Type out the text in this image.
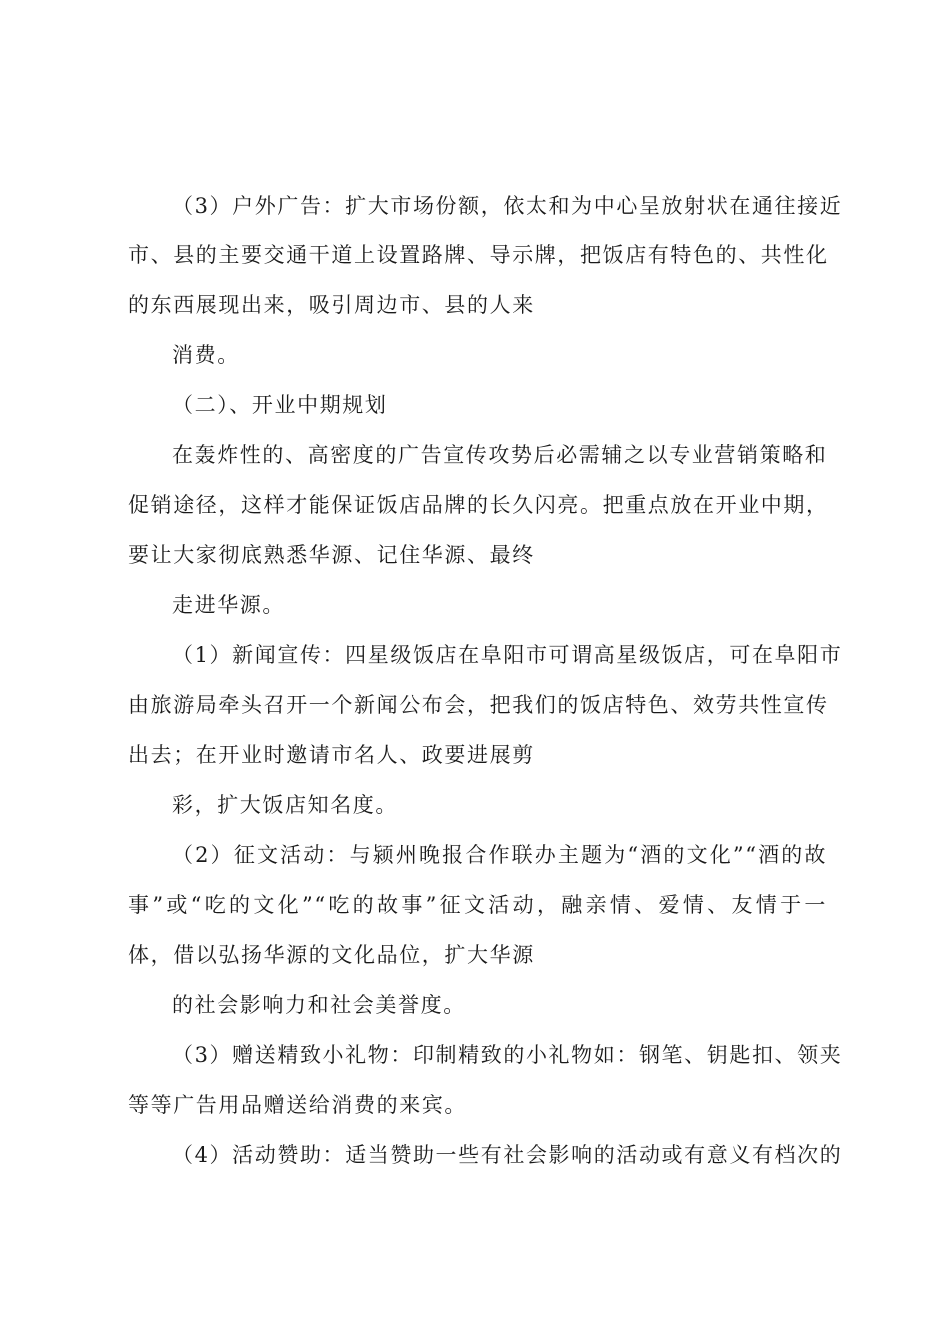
（3）户外广告：扩大市场份额，依太和为中心呈放射状在通往接近
市、县的主要交通干道上设置路牌、导示牌，把饭店有特色的、共性化
的东西展现出来，吸引周边市、县的人来
消费。
（二）、开业中期规划
在轰炸性的、高密度的广告宣传攻势后必需辅之以专业营销策略和
促销途径，这样才能保证饭店品牌的长久闪亮。把重点放在开业中期，
要让大家彻底熟悉华源、记住华源、最终
走进华源。
（1）新闻宣传：四星级饭店在阜阳市可谓高星级饭店，可在阜阳市
由旅游局牵头召开一个新闻公布会，把我们的饭店特色、效劳共性宣传
出去；在开业时邀请市名人、政要进展剪
彩，扩大饭店知名度。
（2）征文活动：与颍州晚报合作联办主题为“酒的文化”“酒的故
事”或“吃的文化”“吃的故事”征文活动，融亲情、爱情、友情于一
体，借以弘扬华源的文化品位，扩大华源
的社会影响力和社会美誉度。
（3）赠送精致小礼物：印制精致的小礼物如：钢笔、钥匙扣、领夹
等等广告用品赠送给消费的来宾。
（4）活动赞助：适当赞助一些有社会影响的活动或有意义有档次的
